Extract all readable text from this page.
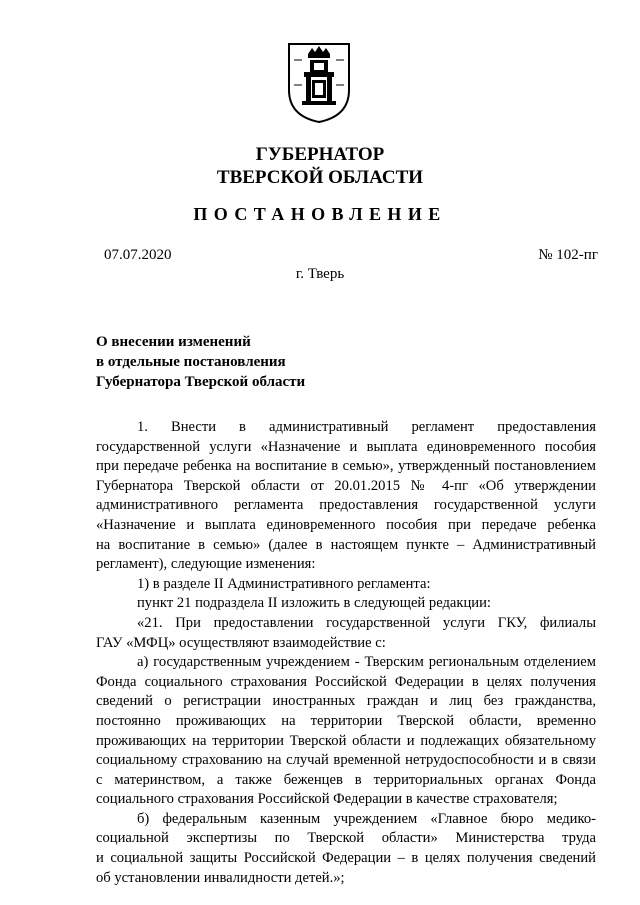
ГУБЕРНАТОР
ТВЕРСКОЙ ОБЛАСТИ
ПОСТАНОВЛЕНИЕ
07.07.2020	№ 102-пг
г. Тверь
О внесении изменений
в отдельные постановления
Губернатора Тверской области
1. Внести в административный регламент предоставления
государственной услуги «Назначение и выплата единовременного пособия
при передаче ребенка на воспитание в семью», утвержденный постановлением
Губернатора Тверской области от 20.01.2015 № 4-пг «Об утверждении
административного регламента предоставления государственной услуги
«Назначение и выплата единовременного пособия при передаче ребенка
на воспитание в семью» (далее в настоящем пункте – Административный
регламент), следующие изменения:
1) в разделе II Административного регламента:
пункт 21 подраздела II изложить в следующей редакции:
«21. При предоставлении государственной услуги ГКУ, филиалы
ГАУ «МФЦ» осуществляют взаимодействие с:
а) государственным учреждением - Тверским региональным отделением
Фонда социального страхования Российской Федерации в целях получения
сведений о регистрации иностранных граждан и лиц без гражданства,
постоянно проживающих на территории Тверской области, временно
проживающих на территории Тверской области и подлежащих обязательному
социальному страхованию на случай временной нетрудоспособности и в связи
с материнством, а также беженцев в территориальных органах Фонда
социального страхования Российской Федерации в качестве страхователя;
б) федеральным казенным учреждением «Главное бюро медико-
социальной экспертизы по Тверской области» Министерства труда
и социальной защиты Российской Федерации – в целях получения сведений
об установлении инвалидности детей.»;
